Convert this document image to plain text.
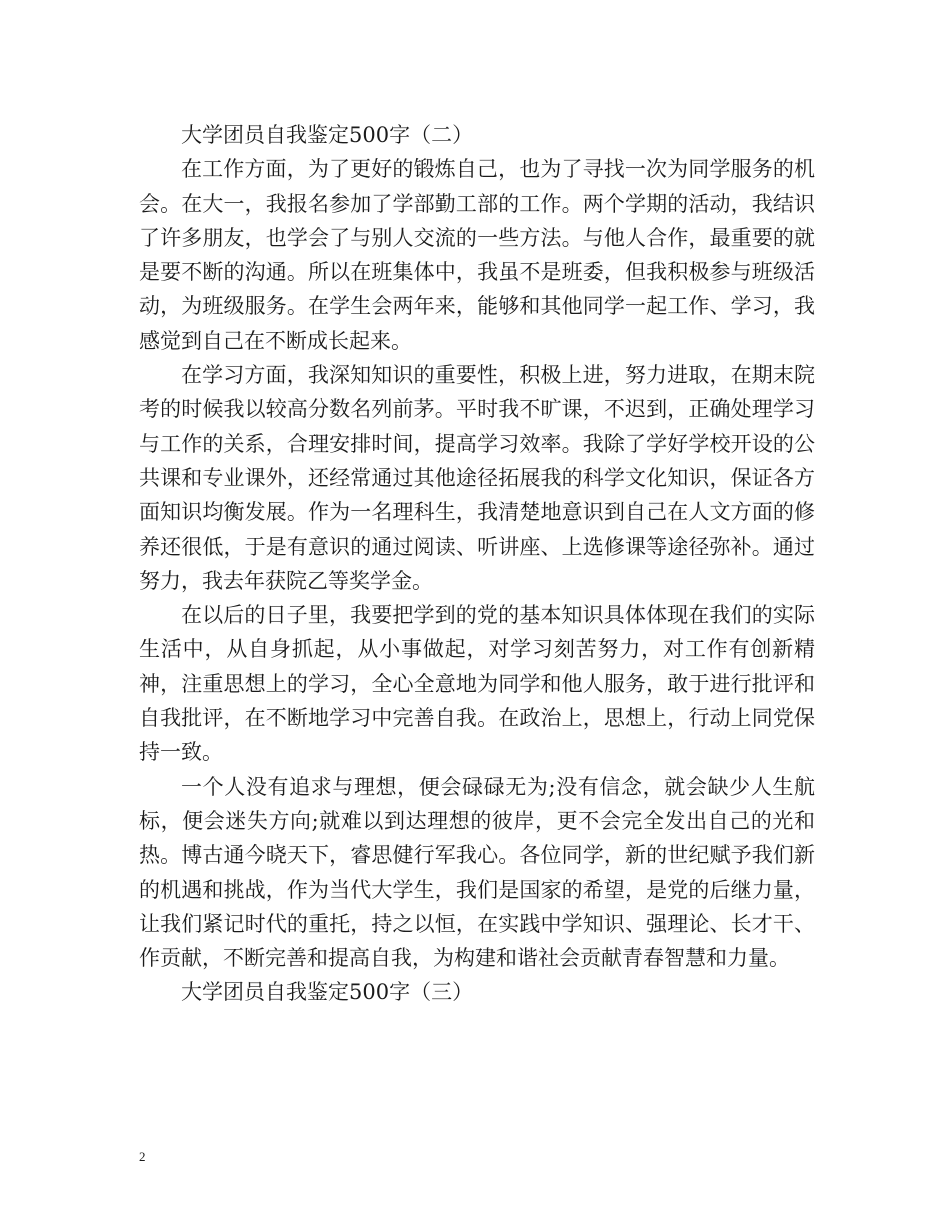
大学团员自我鉴定500字（二）

在工作方面，为了更好的锻炼自己，也为了寻找一次为同学服务的机会。在大一，我报名参加了学部勤工部的工作。两个学期的活动，我结识了许多朋友，也学会了与别人交流的一些方法。与他人合作，最重要的就是要不断的沟通。所以在班集体中，我虽不是班委，但我积极参与班级活动，为班级服务。在学生会两年来，能够和其他同学一起工作、学习，我感觉到自己在不断成长起来。

在学习方面，我深知知识的重要性，积极上进，努力进取，在期末院考的时候我以较高分数名列前茅。平时我不旷课，不迟到，正确处理学习与工作的关系，合理安排时间，提高学习效率。我除了学好学校开设的公共课和专业课外，还经常通过其他途径拓展我的科学文化知识，保证各方面知识均衡发展。作为一名理科生，我清楚地意识到自己在人文方面的修养还很低，于是有意识的通过阅读、听讲座、上选修课等途径弥补。通过努力，我去年获院乙等奖学金。

在以后的日子里，我要把学到的党的基本知识具体体现在我们的实际生活中，从自身抓起，从小事做起，对学习刻苦努力，对工作有创新精神，注重思想上的学习，全心全意地为同学和他人服务，敢于进行批评和自我批评，在不断地学习中完善自我。在政治上，思想上，行动上同党保持一致。

一个人没有追求与理想，便会碌碌无为;没有信念，就会缺少人生航标，便会迷失方向;就难以到达理想的彼岸，更不会完全发出自己的光和热。博古通今晓天下，睿思健行军我心。各位同学，新的世纪赋予我们新的机遇和挑战，作为当代大学生，我们是国家的希望，是党的后继力量，让我们紧记时代的重托，持之以恒，在实践中学知识、强理论、长才干、作贡献，不断完善和提高自我，为构建和谐社会贡献青春智慧和力量。

大学团员自我鉴定500字（三）

2
